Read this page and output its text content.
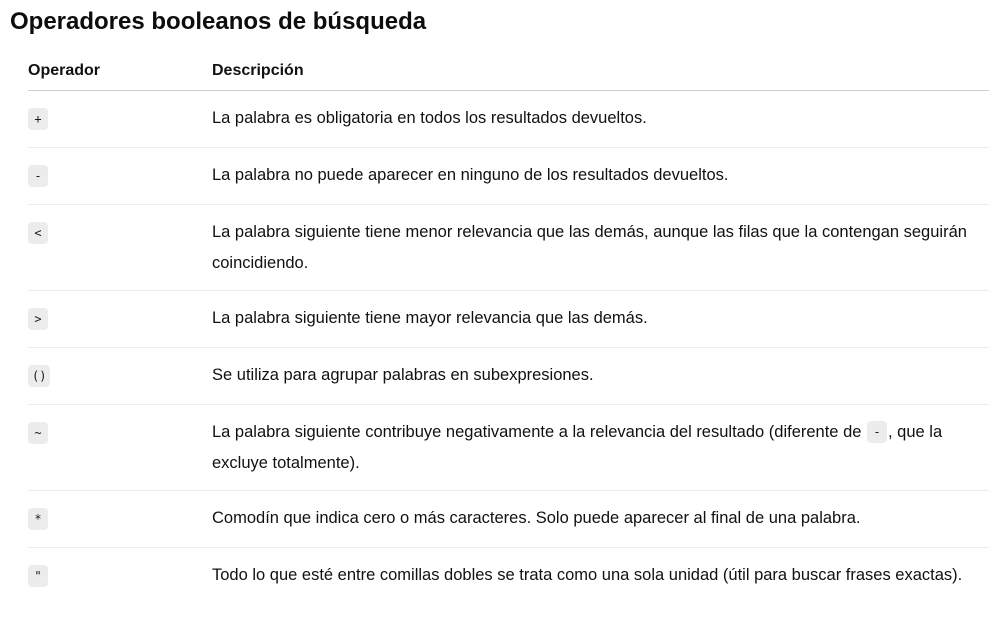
Operadores booleanos de búsqueda
Operador	Descripción
+	La palabra es obligatoria en todos los resultados devueltos.
-	La palabra no puede aparecer en ninguno de los resultados devueltos.
<	La palabra siguiente tiene menor relevancia que las demás, aunque las filas que la contengan seguirán coincidiendo.
>	La palabra siguiente tiene mayor relevancia que las demás.
()	Se utiliza para agrupar palabras en subexpresiones.
~	La palabra siguiente contribuye negativamente a la relevancia del resultado (diferente de - , que la excluye totalmente).
*	Comodín que indica cero o más caracteres. Solo puede aparecer al final de una palabra.
"	Todo lo que esté entre comillas dobles se trata como una sola unidad (útil para buscar frases exactas).
